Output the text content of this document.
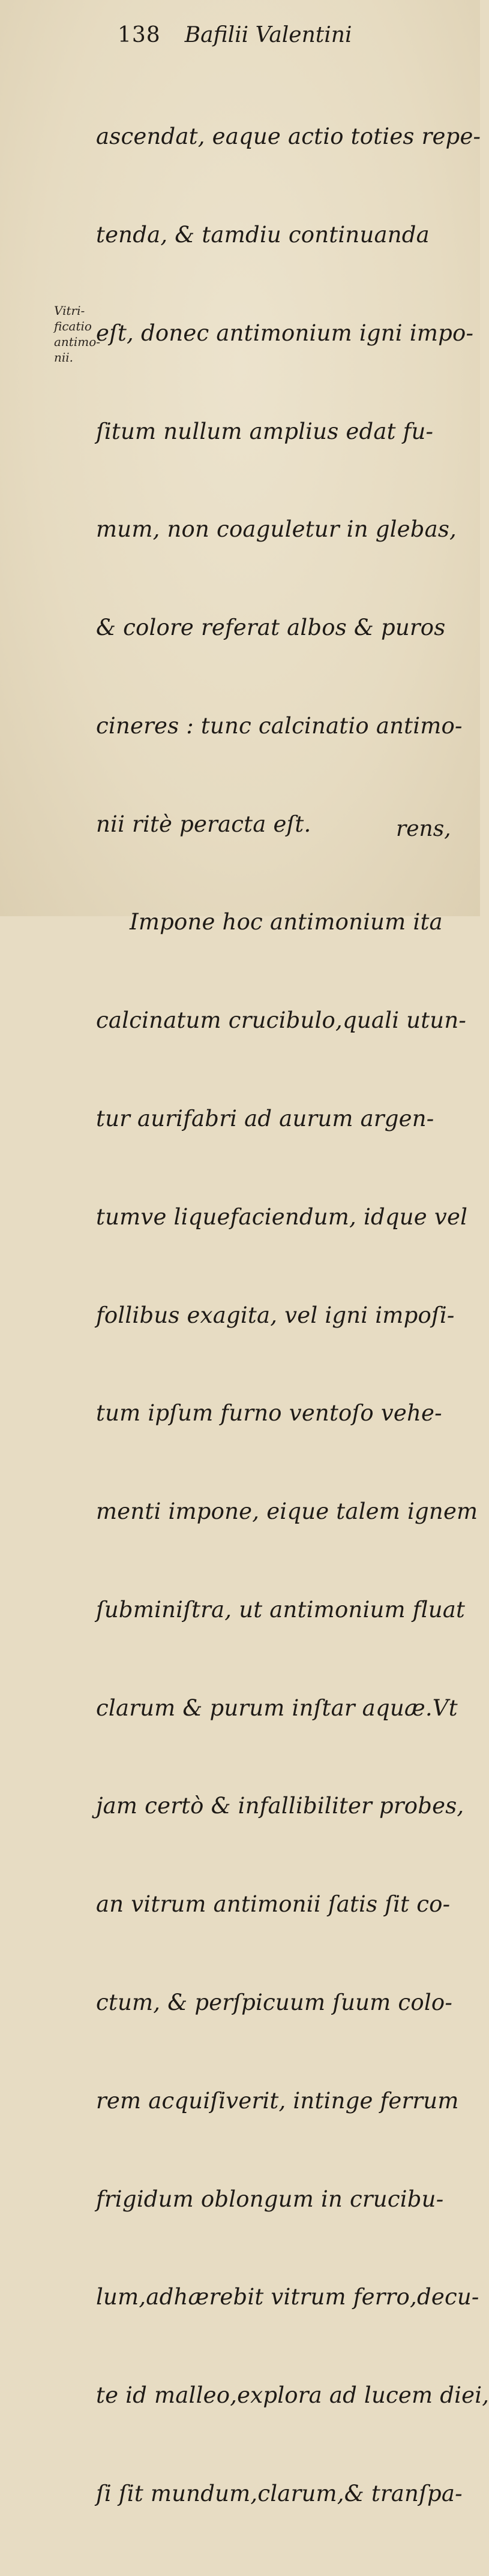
138 Bafilii Valentini
Vitri-
ficatio
antimo-
nii.

ascendat, eaque actio toties repe-

tenda, & tamdiu continuanda

eſt, donec antimonium igni impo-

ſitum nullum amplius edat fu-

mum, non coaguletur in glebas,

& colore referat albos & puros

cineres : tunc calcinatio antimo-

nii ritè peracta eſt.

Impone hoc antimonium ita

calcinatum crucibulo,quali utun-

tur aurifabri ad aurum argen-

tumve liquefaciendum, idque vel

follibus exagita, vel igni impoſi-

tum ipſum furno ventoſo vehe-

menti impone, eique talem ignem

ſubminiſtra, ut antimonium fluat

clarum & purum inſtar aquæ.Vt

jam certò & infallibiliter probes,

an vitrum antimonii ſatis ſit co-

ctum, & perſpicuum ſuum colo-

rem acquiſiverit, intinge ferrum

frigidum oblongum in crucibu-

lum,adhærebit vitrum ferro,decu-

te id malleo,explora ad lucem diei,

ſi ſit mundum,clarum,& tranſpa-

rens,
